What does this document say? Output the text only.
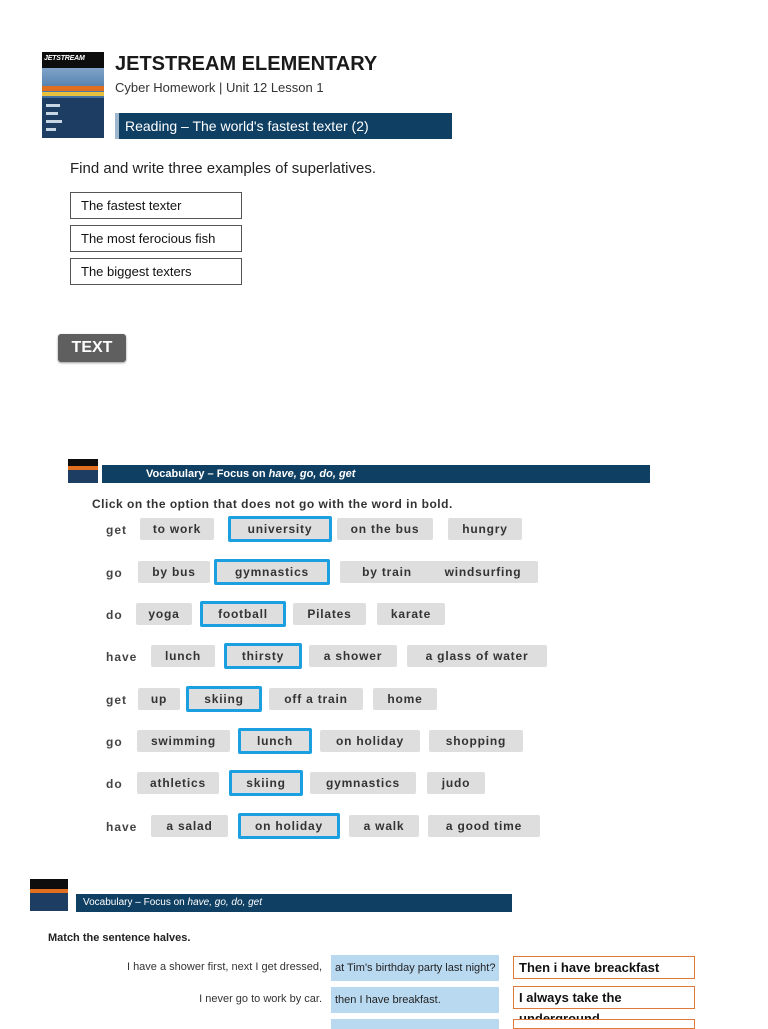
JETSTREAM JETSTREAM ELEMENTARY
Cyber Homework | Unit 12 Lesson 1
Reading – The world's fastest texter (2)
Find and write three examples of superlatives.
The fastest texter
The most ferocious fish
The biggest texters
TEXT
Vocabulary – Focus on have, go, do, get
Click on the option that does not go with the word in bold.
get	to work	university	on the bus	hungry
go	by bus	gymnastics	by train	windsurfing
do	yoga	football	Pilates	karate
have	lunch	thirsty	a shower	a glass of water
get	up	skiing	off a train	home
go	swimming	lunch	on holiday	shopping
do	athletics	skiing	gymnastics	judo
have	a salad	on holiday	a walk	a good time
Vocabulary – Focus on have, go, do, get
Match the sentence halves.
I have a shower first, next I get dressed,	at Tim's birthday party last night?	Then i have breackfast
I never go to work by car.	then I have breakfast.	I always take the
